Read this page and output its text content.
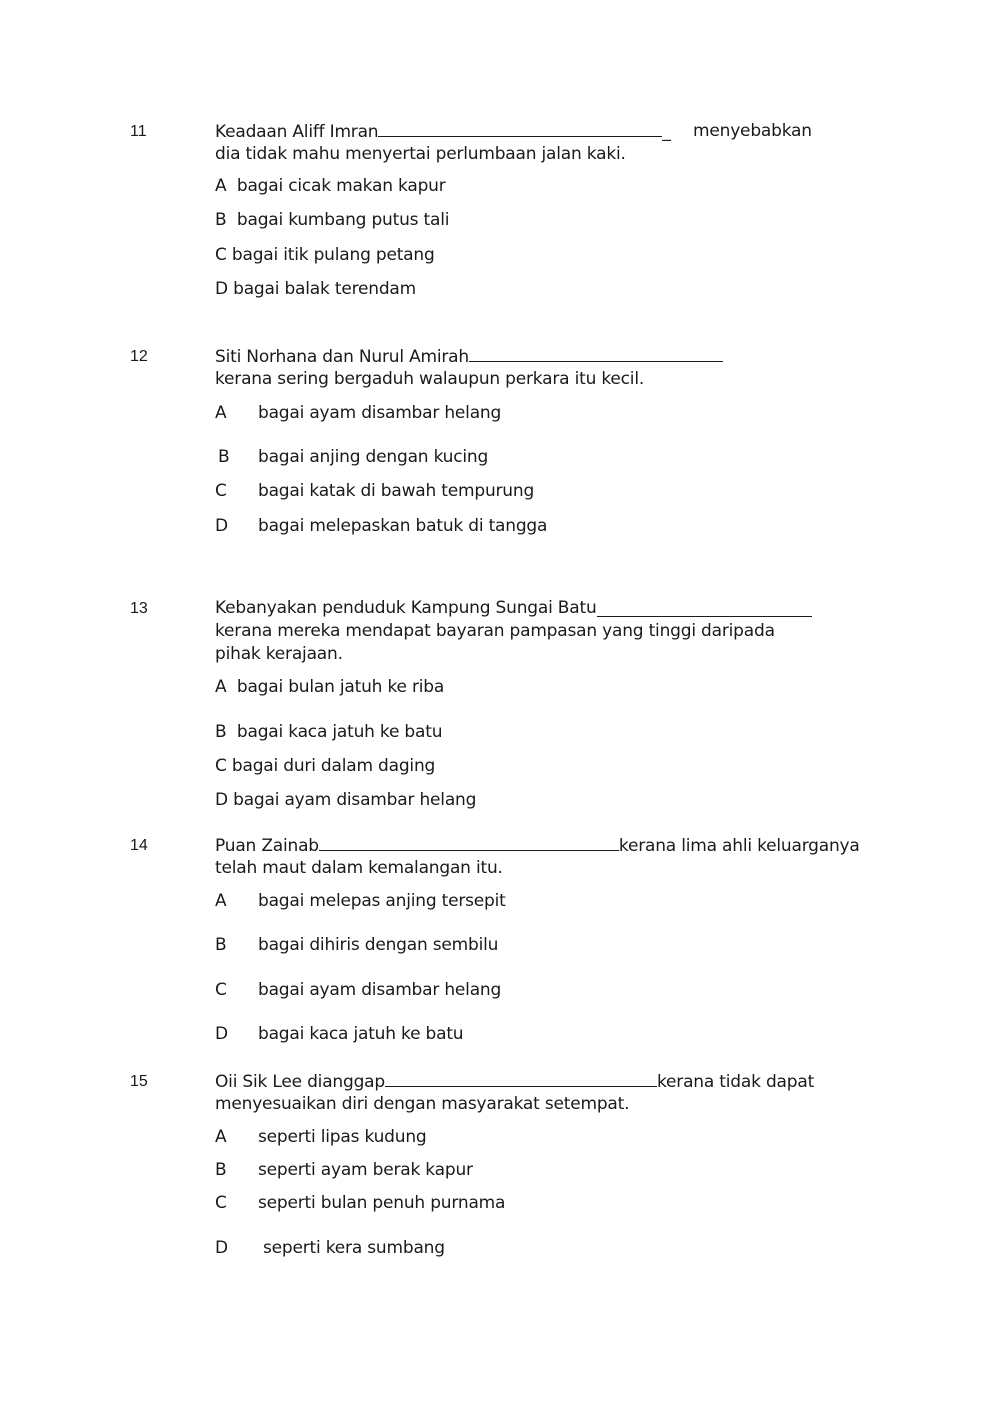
11	Keadaan Aliff Imran	_ menyebabkan
dia tidak mahu menyertai perlumbaan jalan kaki.
A bagai cicak makan kapur
B bagai kumbang putus tali
C bagai itik pulang petang
D bagai balak terendam
12	Siti Norhana dan Nurul Amirah
kerana sering bergaduh walaupun perkara itu kecil.
A bagai ayam disambar helang
B bagai anjing dengan kucing
C bagai katak di bawah tempurung
D bagai melepaskan batuk di tangga
13	Kebanyakan penduduk Kampung Sungai Batu
kerana mereka mendapat bayaran pampasan yang tinggi daripada
pihak kerajaan.
A bagai bulan jatuh ke riba
B bagai kaca jatuh ke batu
C bagai duri dalam daging
D bagai ayam disambar helang
14	Puan Zainab	kerana lima ahli keluarganya
telah maut dalam kemalangan itu.
A bagai melepas anjing tersepit
B bagai dihiris dengan sembilu
C bagai ayam disambar helang
D bagai kaca jatuh ke batu
15	Oii Sik Lee dianggap	kerana tidak dapat
menyesuaikan diri dengan masyarakat setempat.
A seperti lipas kudung
B seperti ayam berak kapur
C seperti bulan penuh purnama
D seperti kera sumbang
